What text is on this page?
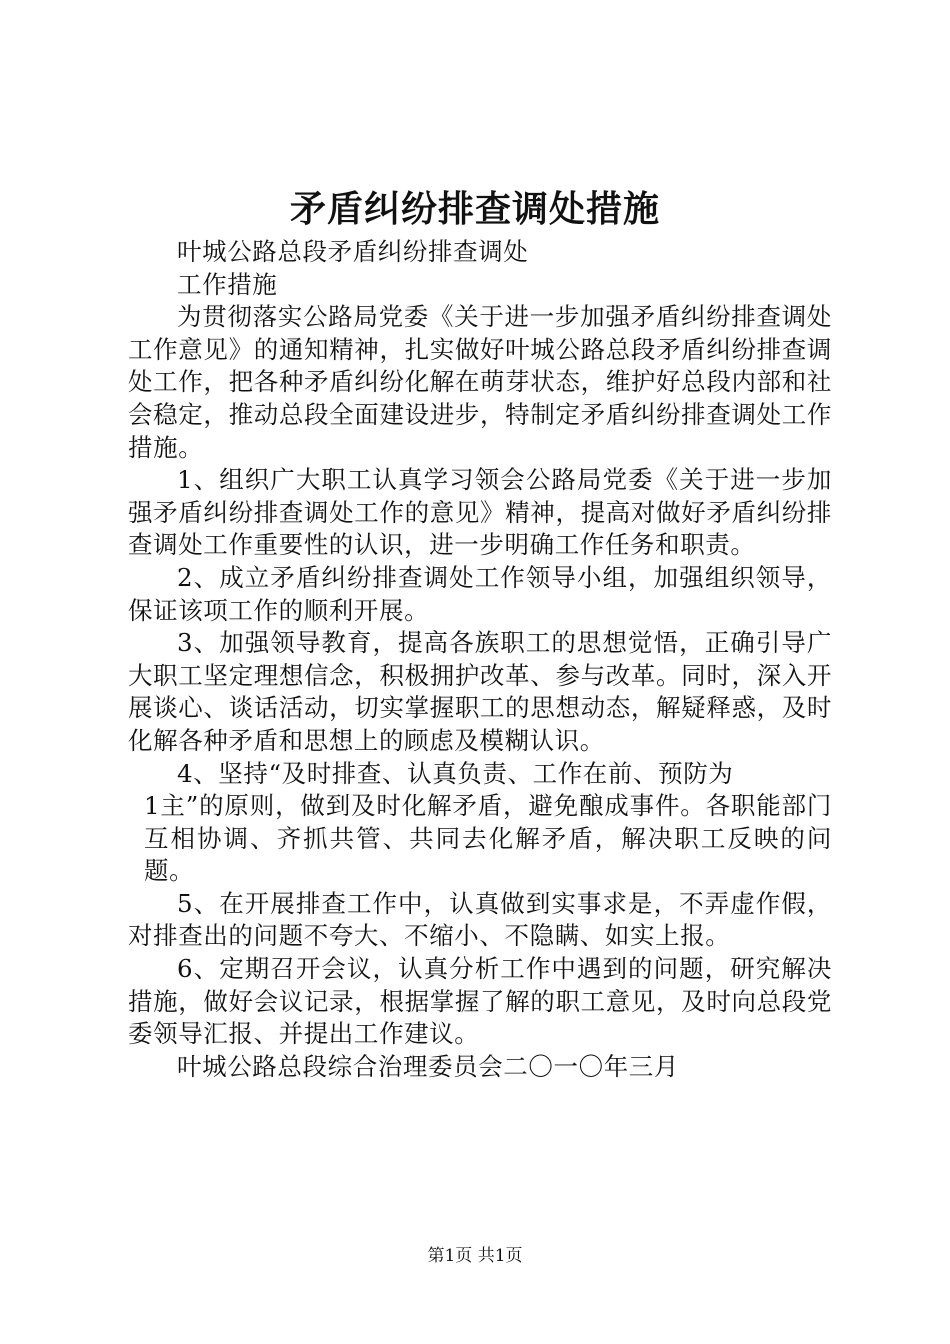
矛盾纠纷排查调处措施

叶城公路总段矛盾纠纷排查调处

工作措施

为贯彻落实公路局党委《关于进一步加强矛盾纠纷排查调处工作意见》的通知精神，扎实做好叶城公路总段矛盾纠纷排查调处工作，把各种矛盾纠纷化解在萌芽状态，维护好总段内部和社会稳定，推动总段全面建设进步，特制定矛盾纠纷排查调处工作措施。

1、组织广大职工认真学习领会公路局党委《关于进一步加强矛盾纠纷排查调处工作的意见》精神，提高对做好矛盾纠纷排查调处工作重要性的认识，进一步明确工作任务和职责。

2、成立矛盾纠纷排查调处工作领导小组，加强组织领导，保证该项工作的顺利开展。

3、加强领导教育，提高各族职工的思想觉悟，正确引导广大职工坚定理想信念，积极拥护改革、参与改革。同时，深入开展谈心、谈话活动，切实掌握职工的思想动态，解疑释惑，及时化解各种矛盾和思想上的顾虑及模糊认识。

4、坚持“及时排查、认真负责、工作在前、预防为

1主”的原则，做到及时化解矛盾，避免酿成事件。各职能部门互相协调、齐抓共管、共同去化解矛盾，解决职工反映的问题。

5、在开展排查工作中，认真做到实事求是，不弄虚作假，对排查出的问题不夸大、不缩小、不隐瞒、如实上报。

6、定期召开会议，认真分析工作中遇到的问题，研究解决措施，做好会议记录，根据掌握了解的职工意见，及时向总段党委领导汇报、并提出工作建议。

叶城公路总段综合治理委员会二〇一〇年三月

第1页 共1页
